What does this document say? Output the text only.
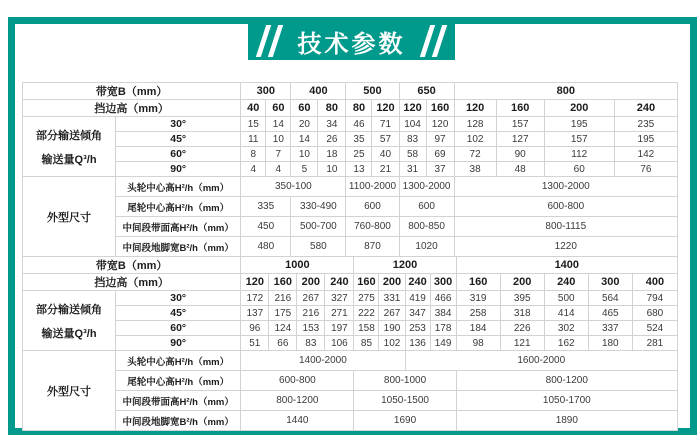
技术参数
带宽B（mm）		300		400		500		650		800			
挡边高（mm）		40	60	60	80	80	120	120	160	120	160	200	240

部分输送倾角
输送量Q³/h	30°	15	14	20	34	46	71	104	120	128	157	195	235
	45°	11	10	14	26	35	57	83	97	102	127	157	195
	60°	8	7	10	18	25	40	58	69	72	90	112	142
	90°	4	4	5	10	13	21	31	37	38	48	60	76
外型尺寸	头轮中心高H²/h（mm）	350-100				1100-2000		1300-2000		1300-2000			
	尾轮中心高H²/h（mm）	335		330-490		600		600		600-800			
	中间段带面高H²/h（mm）	450		500-700		760-800		800-850		800-1115			
	中间段地脚宽B²/h（mm）	480		580		870		1020		1220			
带宽B（mm）		1000				1200				1400				
挡边高（mm）		120	160	200	240	160	200	240	300	160	200	240	300	400

部分输送倾角
输送量Q³/h	30°	172	216	267	327	275	331	419	466	319	395	500	564	794
	45°	137	175	216	271	222	267	347	384	258	318	414	465	680
	60°	96	124	153	197	158	190	253	178	184	226	302	337	524
	90°	51	66	83	106	85	102	136	149	98	121	162	180	281
外型尺寸	头轮中心高H²/h（mm）	1400-2000						1600-2000						
	尾轮中心高H²/h（mm）	600-800				800-1000				800-1200				
	中间段带面高H²/h（mm）	800-1200				1050-1500				1050-1700				
	中间段地脚宽B²/h（mm）	1440				1690				1890				
